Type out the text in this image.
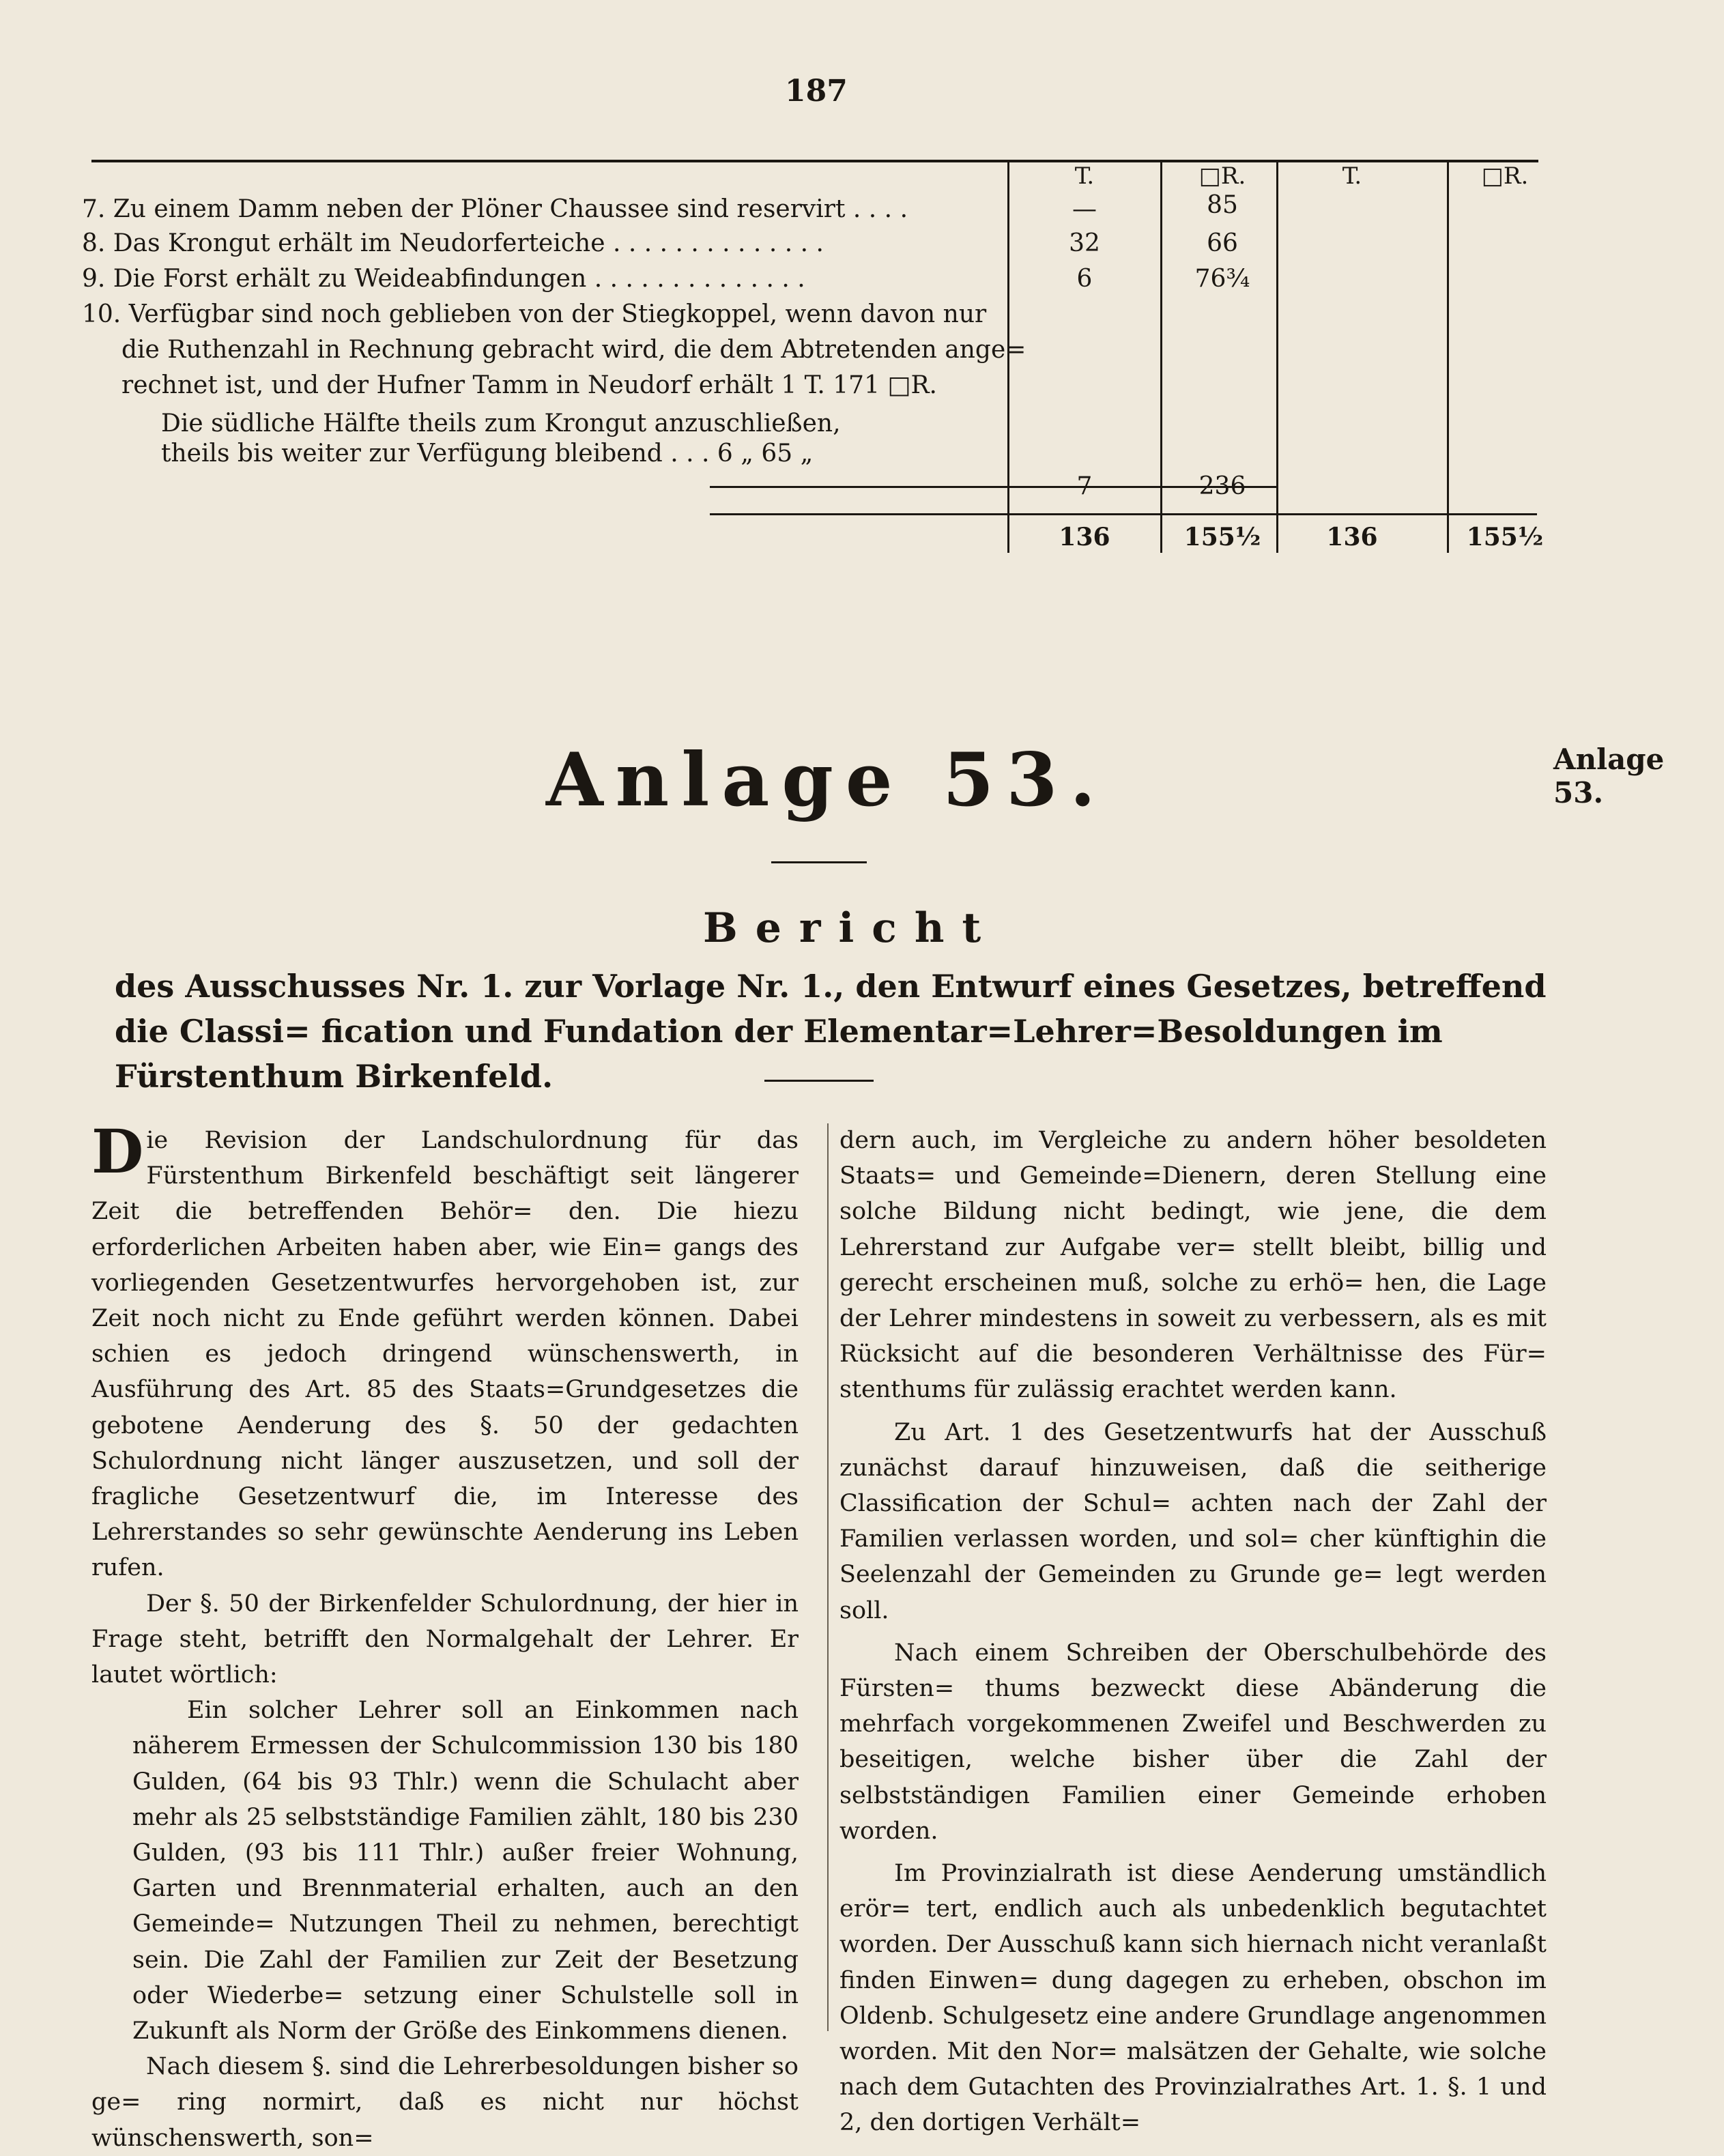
187
T.	□R.	T.	□R.
7. Zu einem Damm neben der Plöner Chaussee sind reservirt . . . .	—	85
8. Das Krongut erhält im Neudorferteiche . . . . . . . . . . . . . .	32	66
9. Die Forst erhält zu Weideabfindungen . . . . . . . . . . . . . .	6	76¾
10. Verfügbar sind noch geblieben von der Stiegkoppel, wenn davon nur
die Ruthenzahl in Rechnung gebracht wird, die dem Abtretenden ange=
rechnet ist, und der Hufner Tamm in Neudorf erhält 1 T. 171 □R.
Die südliche Hälfte theils zum Krongut anzuschließen,
theils bis weiter zur Verfügung bleibend . . . 6 „ 65 „
7	236
136	155½	136	155½
Anlage 53.	Anlage 53.
Bericht
des Ausschusses Nr. 1. zur Vorlage Nr. 1., den Entwurf eines Gesetzes, betreffend die Classi= fication und Fundation der Elementar=Lehrer=Besoldungen im Fürstenthum Birkenfeld.

Die Revision der Landschulordnung für das Fürstenthum Birkenfeld beschäftigt seit längerer Zeit die betreffenden Behör= den. Die hiezu erforderlichen Arbeiten haben aber, wie Ein= gangs des vorliegenden Gesetzentwurfes hervorgehoben ist, zur Zeit noch nicht zu Ende geführt werden können. Dabei schien es jedoch dringend wünschenswerth, in Ausführung des Art. 85 des Staats=Grundgesetzes die gebotene Aenderung des §. 50 der gedachten Schulordnung nicht länger auszusetzen, und soll der fragliche Gesetzentwurf die, im Interesse des Lehrerstandes so sehr gewünschte Aenderung ins Leben rufen.

Der §. 50 der Birkenfelder Schulordnung, der hier in Frage steht, betrifft den Normalgehalt der Lehrer. Er lautet wörtlich:

Ein solcher Lehrer soll an Einkommen nach näherem Ermessen der Schulcommission 130 bis 180 Gulden, (64 bis 93 Thlr.) wenn die Schulacht aber mehr als 25 selbstständige Familien zählt, 180 bis 230 Gulden, (93 bis 111 Thlr.) außer freier Wohnung, Garten und Brennmaterial erhalten, auch an den Gemeinde= Nutzungen Theil zu nehmen, berechtigt sein. Die Zahl der Familien zur Zeit der Besetzung oder Wiederbe= setzung einer Schulstelle soll in Zukunft als Norm der Größe des Einkommens dienen.

Nach diesem §. sind die Lehrerbesoldungen bisher so ge= ring normirt, daß es nicht nur höchst wünschenswerth, son=

dern auch, im Vergleiche zu andern höher besoldeten Staats= und Gemeinde=Dienern, deren Stellung eine solche Bildung nicht bedingt, wie jene, die dem Lehrerstand zur Aufgabe ver= stellt bleibt, billig und gerecht erscheinen muß, solche zu erhö= hen, die Lage der Lehrer mindestens in soweit zu verbessern, als es mit Rücksicht auf die besonderen Verhältnisse des Für= stenthums für zulässig erachtet werden kann.

Zu Art. 1 des Gesetzentwurfs hat der Ausschuß zunächst darauf hinzuweisen, daß die seitherige Classification der Schul= achten nach der Zahl der Familien verlassen worden, und sol= cher künftighin die Seelenzahl der Gemeinden zu Grunde ge= legt werden soll.

Nach einem Schreiben der Oberschulbehörde des Fürsten= thums bezweckt diese Abänderung die mehrfach vorgekommenen Zweifel und Beschwerden zu beseitigen, welche bisher über die Zahl der selbstständigen Familien einer Gemeinde erhoben worden.

Im Provinzialrath ist diese Aenderung umständlich erör= tert, endlich auch als unbedenklich begutachtet worden. Der Ausschuß kann sich hiernach nicht veranlaßt finden Einwen= dung dagegen zu erheben, obschon im Oldenb. Schulgesetz eine andere Grundlage angenommen worden. Mit den Nor= malsätzen der Gehalte, wie solche nach dem Gutachten des Provinzialrathes Art. 1. §. 1 und 2, den dortigen Verhält=
